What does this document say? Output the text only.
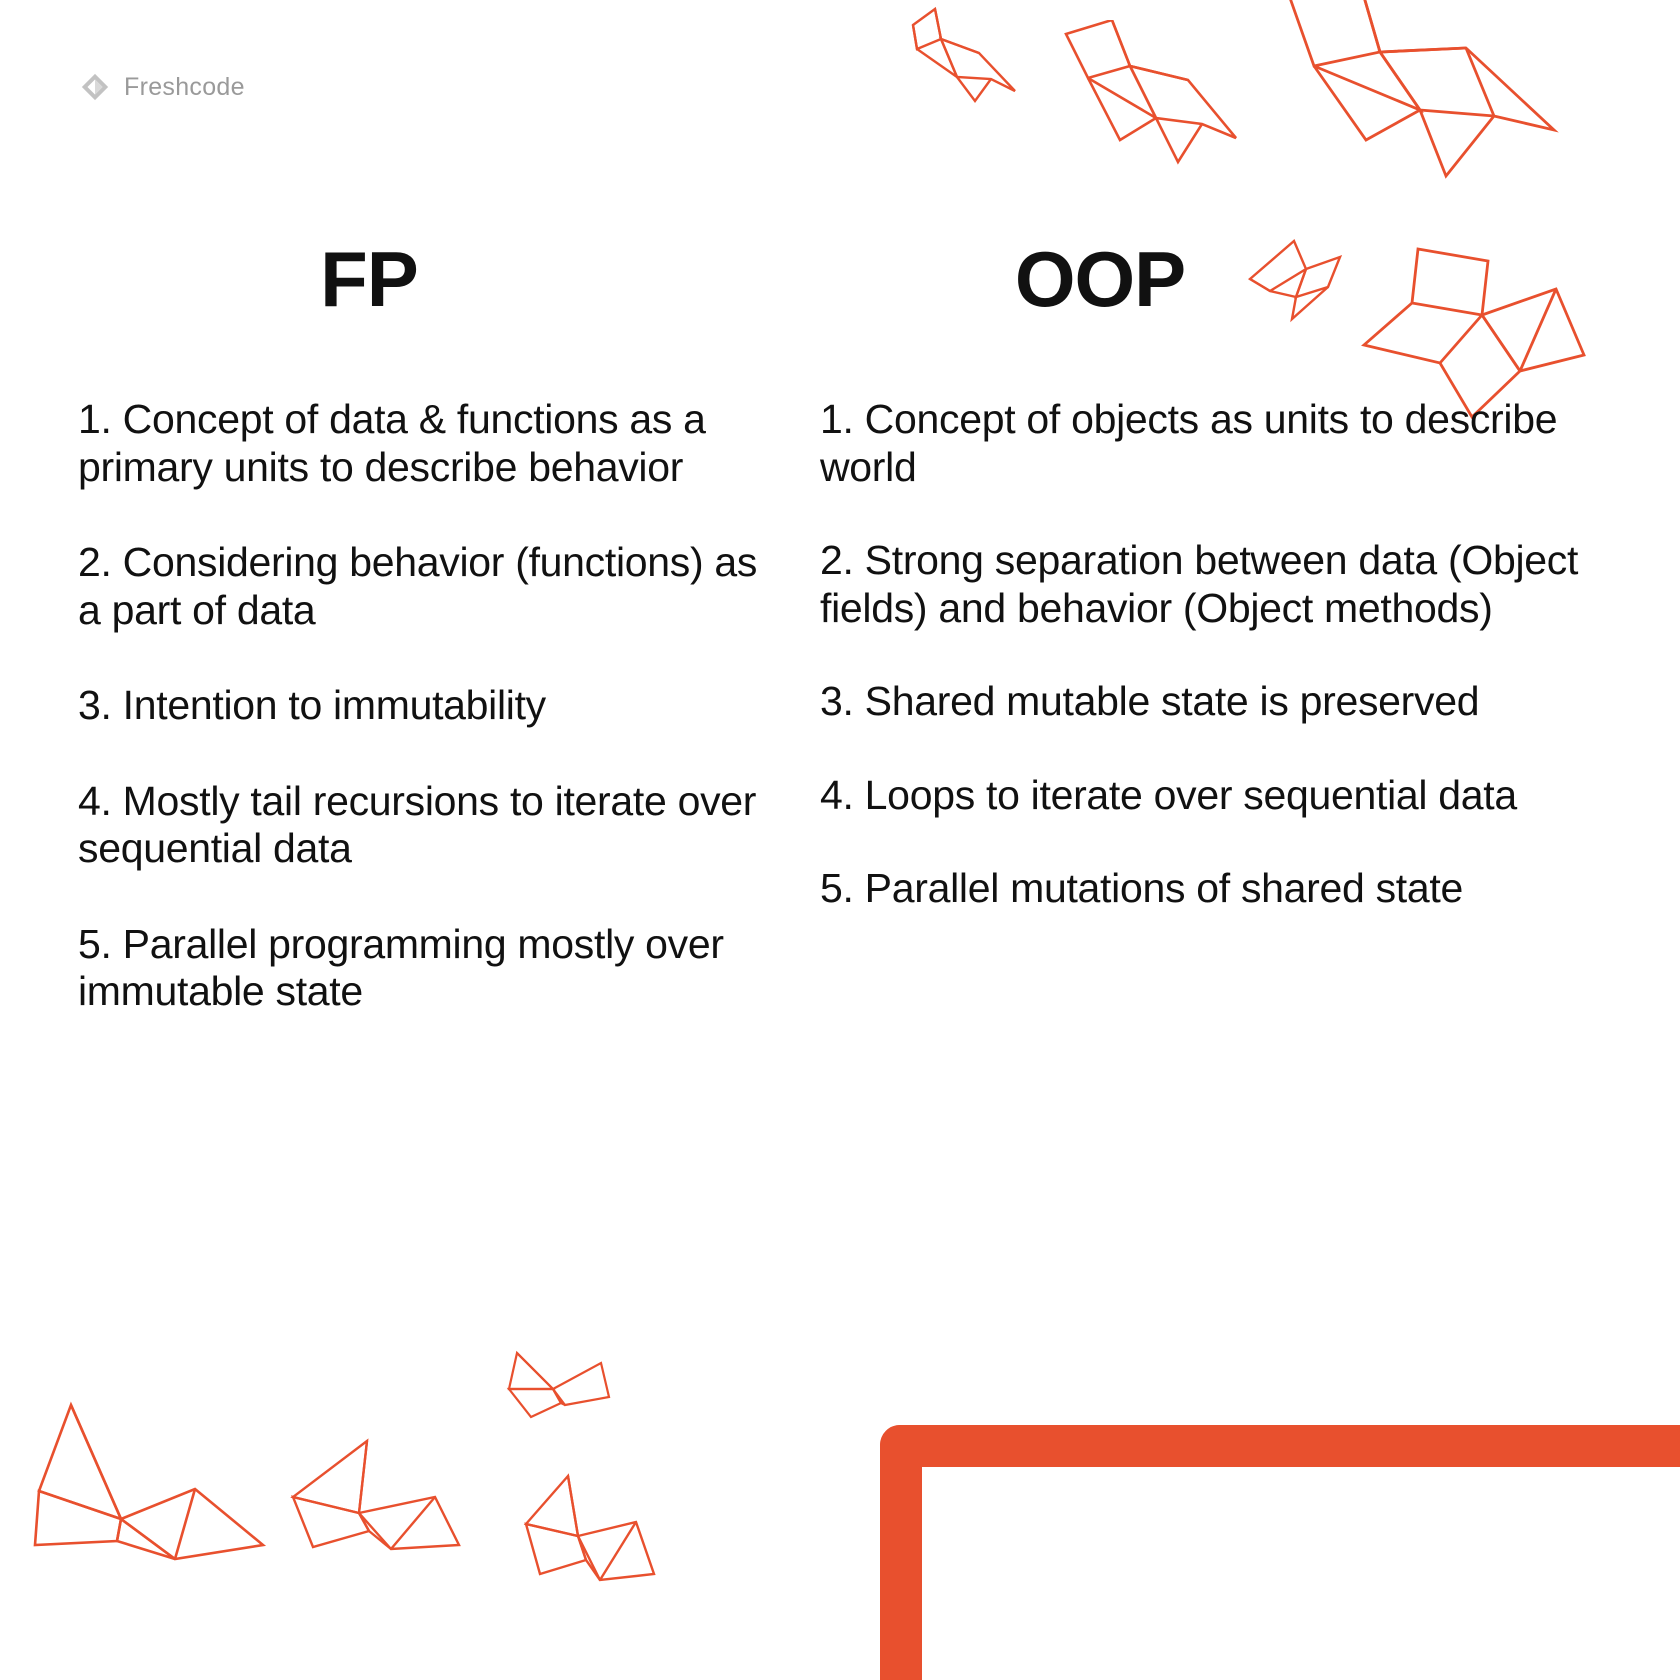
Freshcode
FP
1. Concept of data & functions as a primary units to describe behavior
2. Considering behavior (functions) as a part of data
3. Intention to immutability
4. Mostly tail recursions to iterate over sequential data
5. Parallel programming mostly over immutable state
OOP
1. Concept of objects as units to describe world
2. Strong separation between data (Object fields) and behavior (Object methods)
3. Shared mutable state is preserved
4. Loops to iterate over sequential data
5. Parallel mutations of shared state
